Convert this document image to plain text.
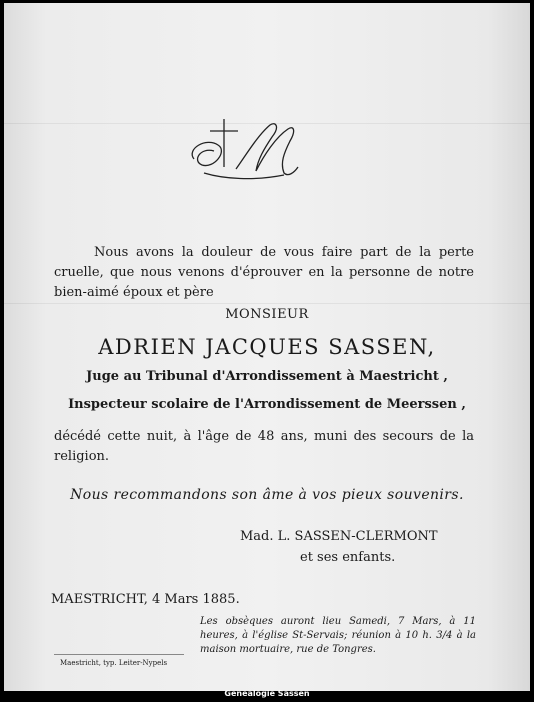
Nous avons la douleur de vous faire part de la perte cruelle, que nous venons d'éprouver en la personne de notre bien-aimé époux et père
MONSIEUR
ADRIEN JACQUES SASSEN,
Juge au Tribunal d'Arrondissement à Maestricht ,
Inspecteur scolaire de l'Arrondissement de Meerssen ,
décédé cette nuit, à l'âge de 48 ans, muni des secours de la religion.
Nous recommandons son âme à vos pieux souvenirs.
Mad. L. SASSEN-CLERMONT
et ses enfants.
MAESTRICHT, 4 Mars 1885.
Les obsèques auront lieu Samedi, 7 Mars, à 11 heures, à l'église St-Servais; réunion à 10 h. 3/4 à la maison mortuaire, rue de Tongres.
Maestricht, typ. Leiter-Nypels
Genealogie Sassen
